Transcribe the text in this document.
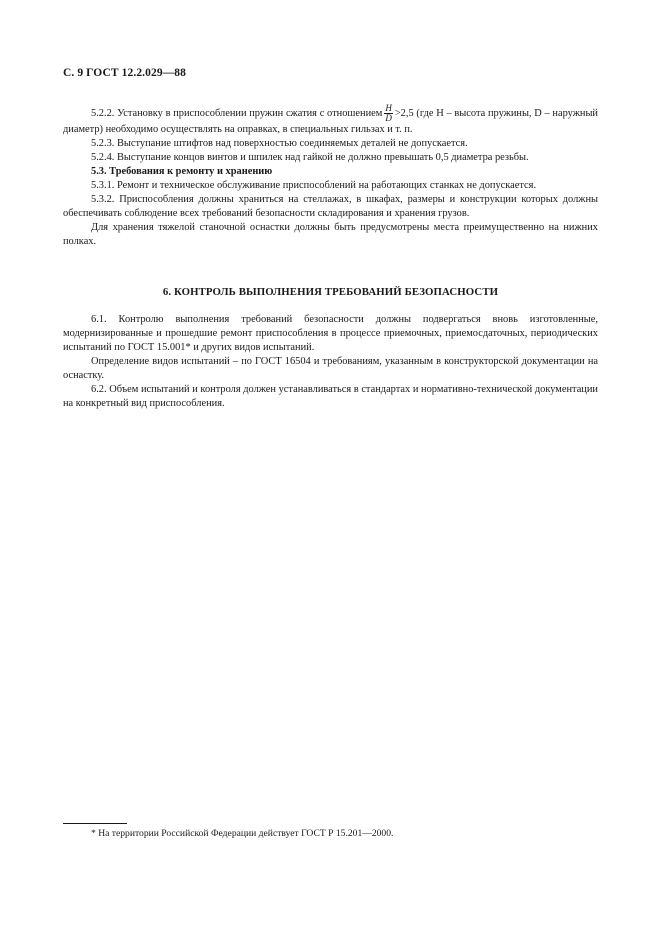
С. 9 ГОСТ 12.2.029—88

5.2.2. Установку в приспособлении пружин сжатия с отношением $\frac{H}{D} >2,5$ (где H – высота пружины, D – наружный диаметр) необходимо осуществлять на оправках, в специальных гильзах и т. п.

5.2.3. Выступание штифтов над поверхностью соединяемых деталей не допускается.

5.2.4. Выступание концов винтов и шпилек над гайкой не должно превышать 0,5 диаметра резьбы.

5.3. Требования к ремонту и хранению

5.3.1. Ремонт и техническое обслуживание приспособлений на работающих станках не допускается.

5.3.2. Приспособления должны храниться на стеллажах, в шкафах, размеры и конструкции которых должны обеспечивать соблюдение всех требований безопасности складирования и хранения грузов.

Для хранения тяжелой станочной оснастки должны быть предусмотрены места преимущественно на нижних полках.

6. КОНТРОЛЬ ВЫПОЛНЕНИЯ ТРЕБОВАНИЙ БЕЗОПАСНОСТИ

6.1. Контролю выполнения требований безопасности должны подвергаться вновь изготовленные, модернизированные и прошедшие ремонт приспособления в процессе приемочных, приемосдаточных, периодических испытаний по ГОСТ 15.001* и других видов испытаний.

Определение видов испытаний – по ГОСТ 16504 и требованиям, указанным в конструкторской документации на оснастку.

6.2. Объем испытаний и контроля должен устанавливаться в стандартах и нормативно-технической документации на конкретный вид приспособления.

* На территории Российской Федерации действует ГОСТ Р 15.201—2000.
